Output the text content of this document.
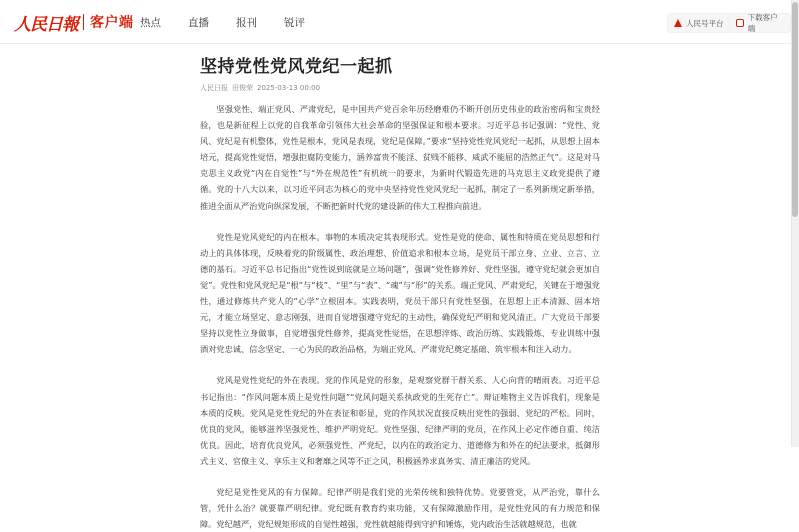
人民日報 客户端 热点	直播	报刊	锐评	人民号平台
下载客户端
坚持党性党风党纪一起抓
人民日报 田俊荣 2025-03-13 00:00

坚强党性、端正党风、严肃党纪，是中国共产党百余年历经磨难仍不断开创历史伟业的政治密码和宝贵经验，也是新征程上以党的自我革命引领伟大社会革命的坚强保证和根本要求。习近平总书记强调：“党性、党风、党纪是有机整体，党性是根本，党风是表现，党纪是保障。”要求“坚持党性党风党纪一起抓，从思想上固本培元，提高党性觉悟，增强拒腐防变能力，涵养富贵不能淫、贫贱不能移、威武不能屈的浩然正气”。这是对马克思主义政党“内在自觉性”与“外在规范性”有机统一的要求，为新时代锻造先进的马克思主义政党提供了遵循。党的十八大以来，以习近平同志为核心的党中央坚持党性党风党纪一起抓，制定了一系列新规定新举措，推进全面从严治党向纵深发展，不断把新时代党的建设新的伟大工程推向前进。

党性是党风党纪的内在根本。事物的本质决定其表现形式。党性是党的使命、属性和特质在党员思想和行动上的具体体现，反映着党的阶级属性、政治理想、价值追求和根本立场，是党员干部立身、立业、立言、立德的基石。习近平总书记指出“党性说到底就是立场问题”，强调“党性修养好、党性坚强，遵守党纪就会更加自觉”。党性和党风党纪是“根”与“枝”、“里”与“表”、“魂”与“形”的关系。端正党风、严肃党纪，关键在于增强党性，通过修炼共产党人的“心学”立根固本。实践表明，党员干部只有党性坚强，在思想上正本清源、固本培元，才能立场坚定、意志刚强，进而自觉增强遵守党纪的主动性，确保党纪严明和党风清正。广大党员干部要坚持以党性立身做事，自觉增强党性修养，提高党性觉悟，在思想淬炼、政治历练、实践锻炼、专业训练中强酒对党忠诚、信念坚定、一心为民的政治品格，为端正党风、严肃党纪奠定基础、筑牢根本和注入动力。

党风是党性党纪的外在表现。党的作风是党的形象，是观察党群干群关系、人心向背的晴雨表。习近平总书记指出：“作风问题本质上是党性问题”“党风问题关系执政党的生死存亡”。辩证唯物主义告诉我们，现象是本质的反映。党风是党性党纪的外在表征和彰显，党的作风状况直接反映出党性的强弱、党纪的严松。同时，优良的党风，能够滋养坚强党性、维护严明党纪。党性坚强、纪律严明的党员，在作风上必定作德自重、纯洁优良。因此，培育优良党风，必须强党性、严党纪，以内在的政治定力、道德修为和外在的纪法要求，抵御形式主义、官僚主义、享乐主义和奢靡之风等不正之风，积极涵养求真务实、清正廉洁的党风。

党纪是党性党风的有力保障。纪律严明是我们党的光荣传统和独特优势。党要管党，从严治党，靠什么管，凭什么治？就要靠严明纪律。党纪既有教育约束功能，又有保障激励作用，是党性党风的有力规范和保障。党纪越严，党纪规矩形成的自觉性越强，党性就越能得到守护和锤炼，党内政治生活就越规范，也就
